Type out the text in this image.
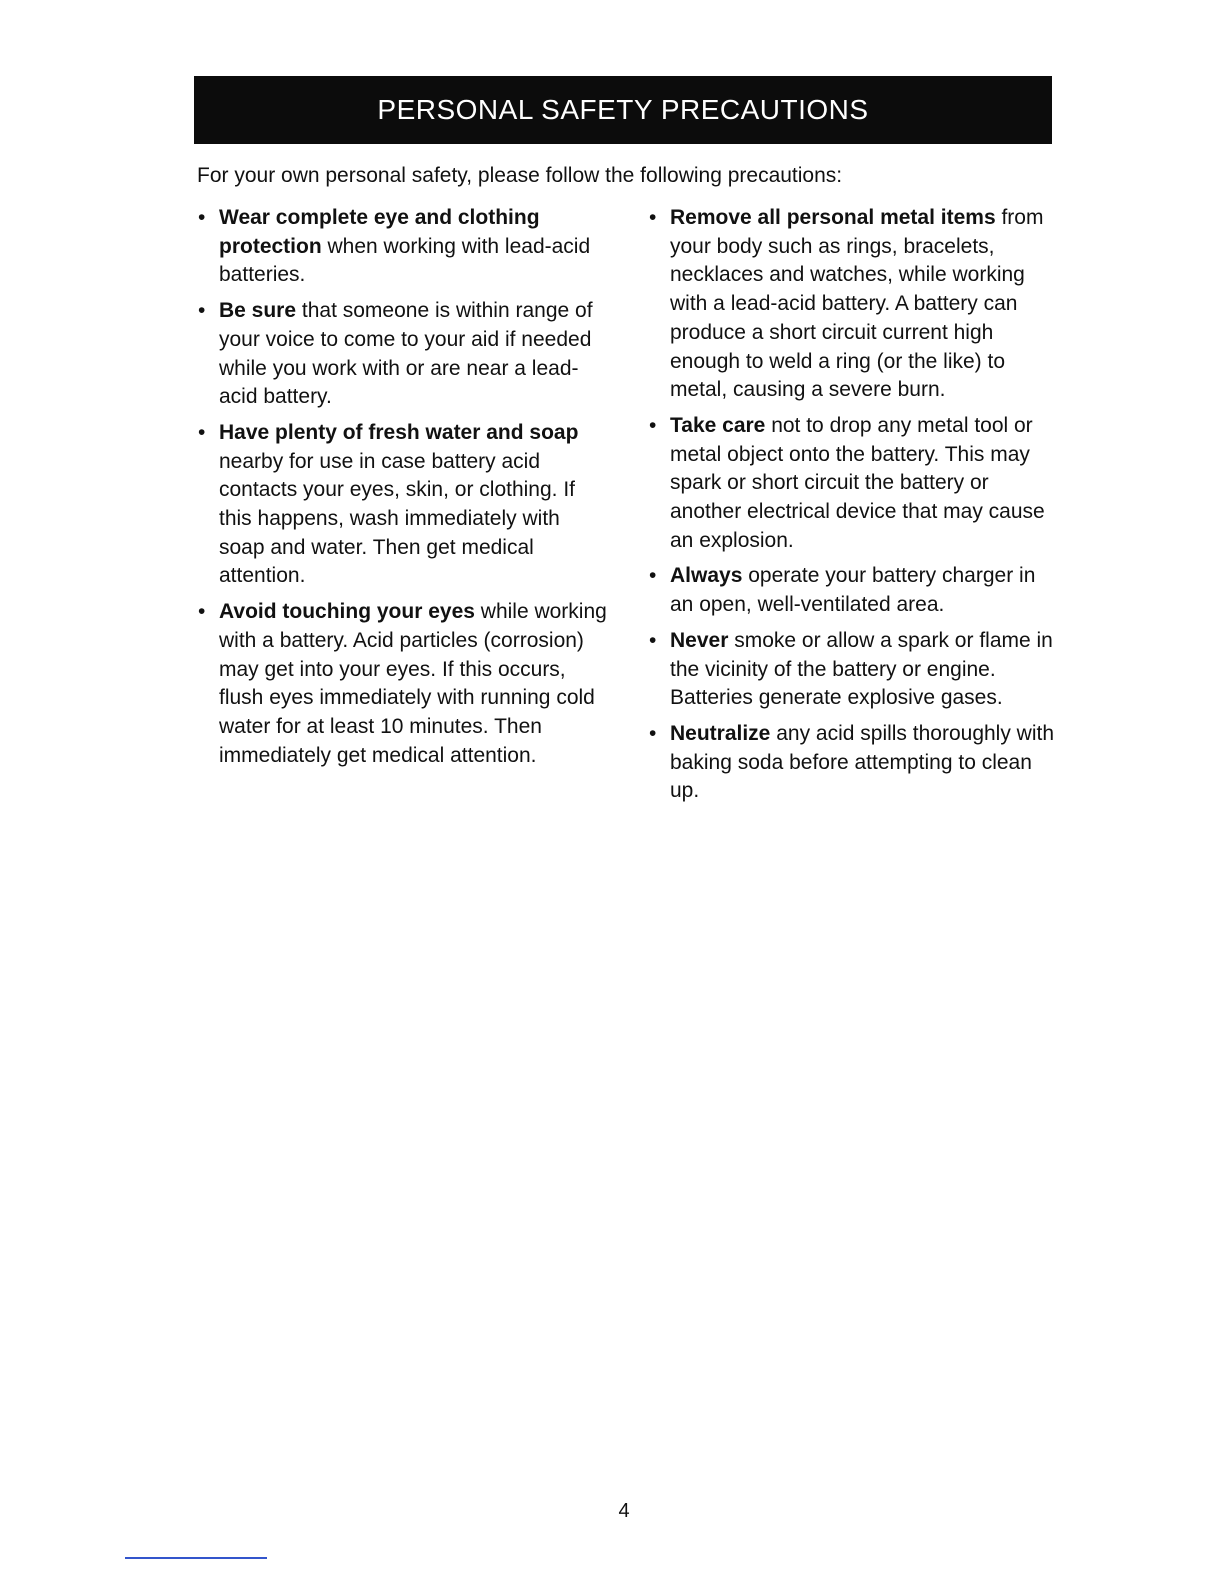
PERSONAL SAFETY PRECAUTIONS
For your own personal safety, please follow the following precautions:
• Wear complete eye and clothing protection when working with lead-acid batteries.
• Be sure that someone is within range of your voice to come to your aid if needed while you work with or are near a lead-acid battery.
• Have plenty of fresh water and soap nearby for use in case battery acid contacts your eyes, skin, or clothing. If this happens, wash immediately with soap and water. Then get medical attention.
• Avoid touching your eyes while working with a battery. Acid particles (corrosion) may get into your eyes. If this occurs, flush eyes immediately with running cold water for at least 10 minutes. Then immediately get medical attention.
• Remove all personal metal items from your body such as rings, bracelets, necklaces and watches, while working with a lead-acid battery. A battery can produce a short circuit current high enough to weld a ring (or the like) to metal, causing a severe burn.
• Take care not to drop any metal tool or metal object onto the battery. This may spark or short circuit the battery or another electrical device that may cause an explosion.
• Always operate your battery charger in an open, well-ventilated area.
• Never smoke or allow a spark or flame in the vicinity of the battery or engine. Batteries generate explosive gases.
• Neutralize any acid spills thoroughly with baking soda before attempting to clean up.
4
